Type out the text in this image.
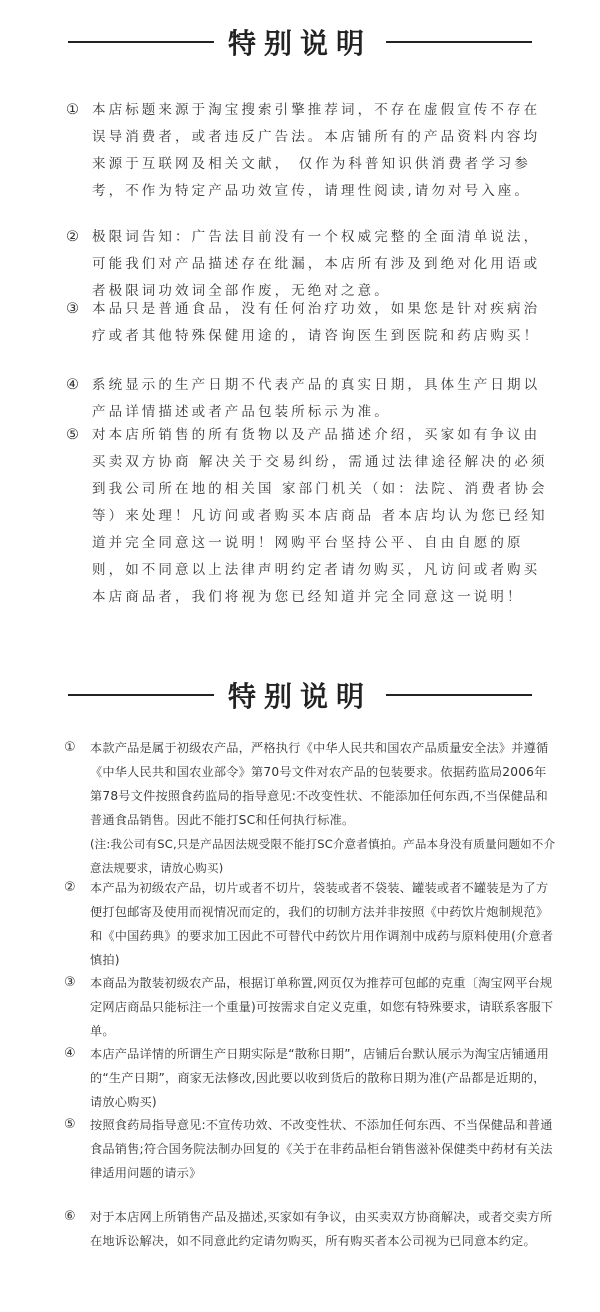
特别说明
① 本店标题来源于淘宝搜索引擎推荐词，不存在虚假宣传不存在误导消费者，或者违反广告法。本店铺所有的产品资料内容均来源于互联网及相关文献， 仅作为科普知识供消费者学习参考，不作为特定产品功效宣传，请理性阅读,请勿对号入座。
② 极限词告知：广告法目前没有一个权威完整的全面清单说法， 可能我们对产品描述存在纰漏，本店所有涉及到绝对化用语或者极限词功效词全部作废，无绝对之意。
③ 本品只是普通食品，没有任何治疗功效，如果您是针对疾病治疗或者其他特殊保健用途的，请咨询医生到医院和药店购买！
④ 系统显示的生产日期不代表产品的真实日期，具体生产日期以产品详情描述或者产品包装所标示为准。
⑤ 对本店所销售的所有货物以及产品描述介绍，买家如有争议由买卖双方协商 解决关于交易纠纷，需通过法律途径解决的必须到我公司所在地的相关国 家部门机关（如：法院、消费者协会等）来处理！凡访问或者购买本店商品 者本店均认为您已经知道并完全同意这一说明！网购平台坚持公平、自由自愿的原则，如不同意以上法律声明约定者请勿购买，凡访问或者购买本店商品者，我们将视为您已经知道并完全同意这一说明！
特别说明
①	本款产品是属于初级农产品，严格执行《中华人民共和国农产品质量安全法》并遵循《中华人民共和国农业部令》第70号文件对农产品的包装要求。依据药监局2006年第78号文件按照食药监局的指导意见:不改变性状、不能添加任何东西,不当保健品和普通食品销售。因此不能打SC和任何执行标准。
(注:我公司有SC,只是产品因法规受限不能打SC介意者慎拍。产品本身没有质量问题如不介意法规要求，请放心购买)
②	本产品为初级农产品，切片或者不切片，袋装或者不袋装、罐装或者不罐装是为了方便打包邮寄及使用而视情况而定的，我们的切制方法并非按照《中药饮片炮制规范》和《中国药典》的要求加工因此不可替代中药饮片用作调剂中成药与原料使用(介意者慎拍)
③	本商品为散装初级农产品，根据订单称置,网页仅为推荐可包邮的克重〔淘宝网平台规定网店商品只能标注一个重量)可按需求自定义克重，如您有特殊要求，请联系客服下单。
④	本店产品详情的所谓生产日期实际是“散称日期”，店铺后台默认展示为淘宝店铺通用的“生产日期”，商家无法修改,因此要以收到货后的散称日期为准(产品都是近期的，请放心购买)
⑤	按照食药局指导意见:不宣传功效、不改变性状、不添加任何东西、不当保健品和普通食品销售;符合国务院法制办回复的《关于在非药品柜台销售滋补保健类中药材有关法律适用问题的请示》
⑥	对于本店网上所销售产品及描述,买家如有争议，由买卖双方协商解决，或者交卖方所在地诉讼解决，如不同意此约定请勿购买，所有购买者本公司视为已同意本约定。
